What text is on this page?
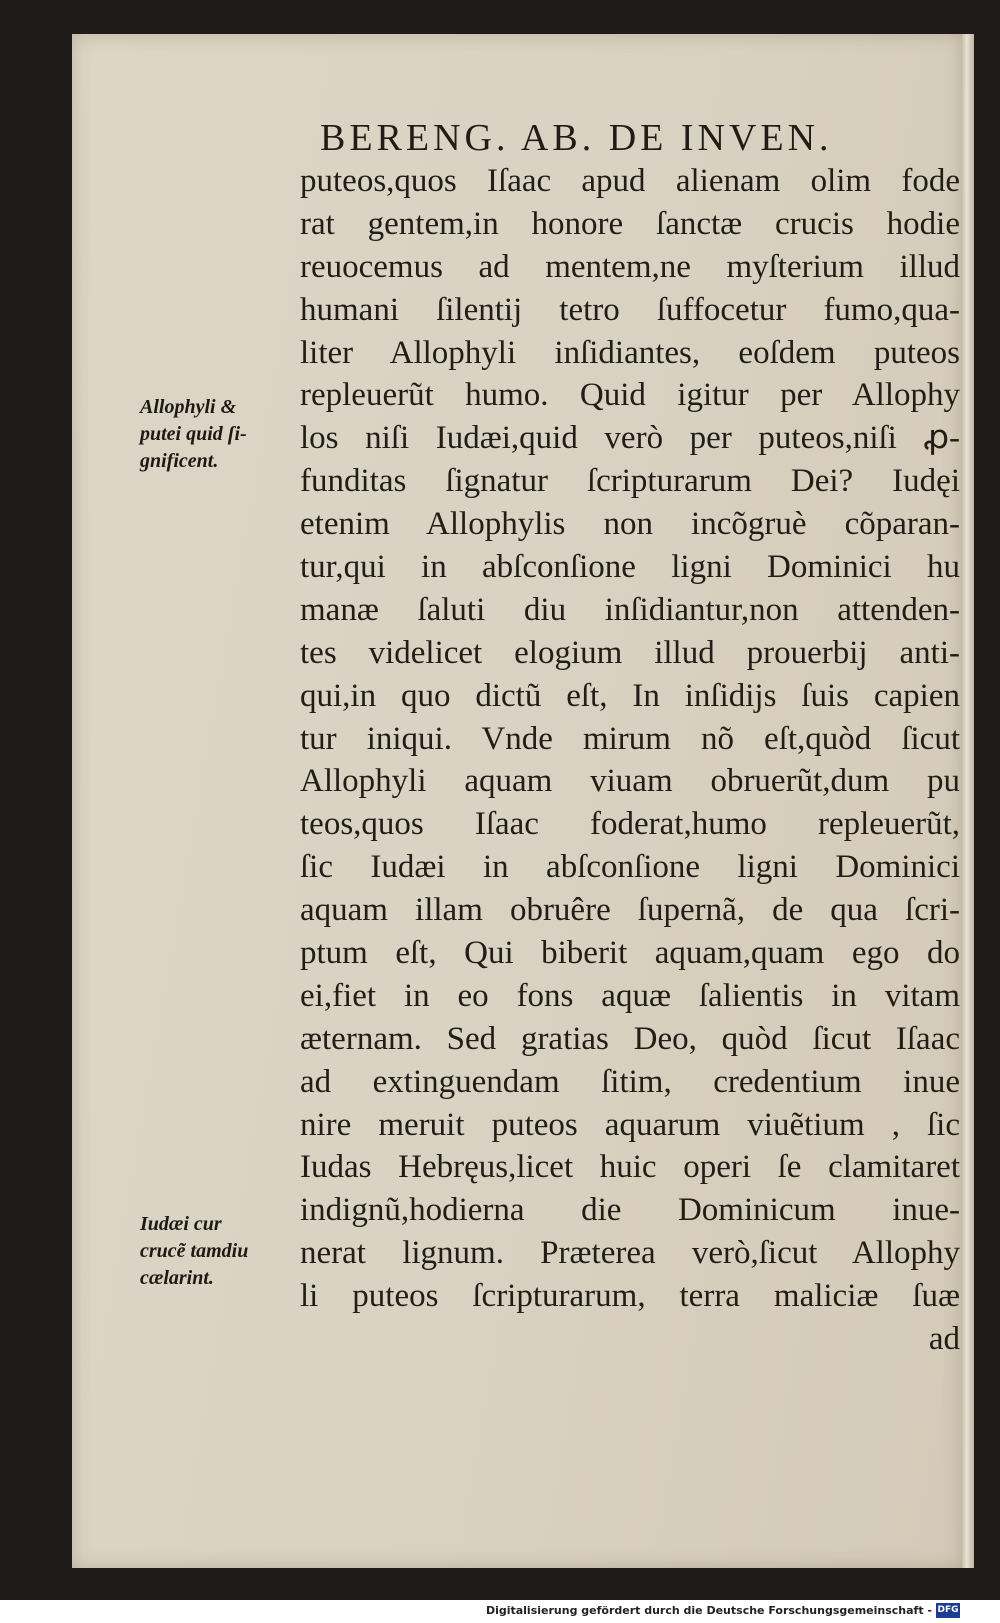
BERENG. AB. DE INVEN.
puteos,quos Iſaac apud alienam olim fode
rat gentem,in honore ſanctæ crucis hodie
reuocemus ad mentem,ne myſterium illud
humani ſilentij tetro ſuffocetur fumo,qua-
liter Allophyli inſidiantes, eoſdem puteos
repleuerũt humo. Quid igitur per Allophy
los niſi Iudæi,quid verò per puteos,niſi ꝓ-
funditas ſignatur ſcripturarum Dei? Iudęi
etenim Allophylis non incõgruè cõparan-
tur,qui in abſconſione ligni Dominici hu
manæ ſaluti diu inſidiantur,non attenden-
tes videlicet elogium illud prouerbij anti-
qui,in quo dictũ eſt, In inſidijs ſuis capien
tur iniqui. Vnde mirum nõ eſt,quòd ſicut
Allophyli aquam viuam obruerũt,dum pu
teos,quos Iſaac foderat,humo repleuerũt,
ſic Iudæi in abſconſione ligni Dominici
aquam illam obruêre ſupernã, de qua ſcri-
ptum eſt, Qui biberit aquam,quam ego do
ei,fiet in eo fons aquæ ſalientis in vitam
æternam. Sed gratias Deo, quòd ſicut Iſaac
ad extinguendam ſitim, credentium inue
nire meruit puteos aquarum viuẽtium , ſic
Iudas Hebręus,licet huic operi ſe clamitaret
indignũ,hodierna die Dominicum inue-
nerat lignum. Præterea verò,ſicut Allophy
li puteos ſcripturarum, terra maliciæ ſuæ
ad
Allophyli &
putei quid ſi-
gnificent.
Iudæi cur
crucẽ tamdiu
cælarint.
Digitalisierung gefördert durch die Deutsche Forschungsgemeinschaft - DFG
